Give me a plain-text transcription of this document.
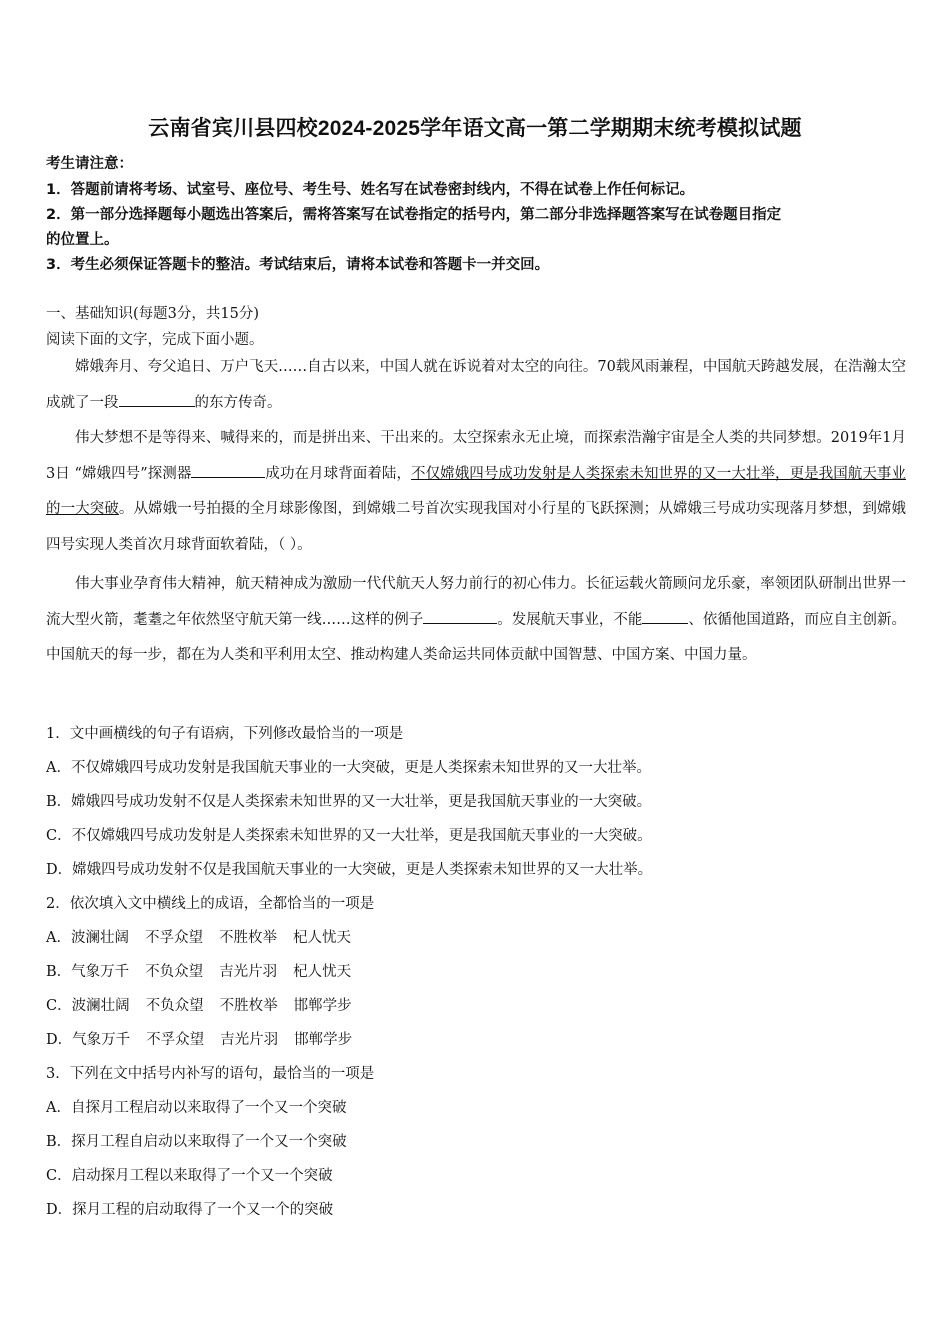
云南省宾川县四校2024-2025学年语文高一第二学期期末统考模拟试题
考生请注意：
1．答题前请将考场、试室号、座位号、考生号、姓名写在试卷密封线内，不得在试卷上作任何标记。
2．第一部分选择题每小题选出答案后，需将答案写在试卷指定的括号内，第二部分非选择题答案写在试卷题目指定
的位置上。
3．考生必须保证答题卡的整洁。考试结束后，请将本试卷和答题卡一并交回。
一、基础知识(每题3分，共15分)
阅读下面的文字，完成下面小题。
嫦娥奔月、夸父追日、万户飞天……自古以来，中国人就在诉说着对太空的向往。70载风雨兼程，中国航天跨越发展，在浩瀚太空成就了一段	的东方传奇。
伟大梦想不是等得来、喊得来的，而是拼出来、干出来的。太空探索永无止境，而探索浩瀚宇宙是全人类的共同梦想。2019年1月3日 “嫦娥四号”探测器	成功在月球背面着陆，不仅嫦娥四号成功发射是人类探索未知世界的又一大壮举，更是我国航天事业的一大突破。从嫦娥一号拍摄的全月球影像图，到嫦娥二号首次实现我国对小行星的飞跃探测；从嫦娥三号成功实现落月梦想，到嫦娥四号实现人类首次月球背面软着陆，（ ）。
伟大事业孕育伟大精神，航天精神成为激励一代代航天人努力前行的初心伟力。长征运载火箭顾问龙乐豪，率领团队研制出世界一流大型火箭，耄耋之年依然坚守航天第一线……这样的例子	。发展航天事业，不能	、依循他国道路，而应自主创新。中国航天的每一步，都在为人类和平利用太空、推动构建人类命运共同体贡献中国智慧、中国方案、中国力量。
1．文中画横线的句子有语病，下列修改最恰当的一项是
A．不仅嫦娥四号成功发射是我国航天事业的一大突破，更是人类探索未知世界的又一大壮举。
B．嫦娥四号成功发射不仅是人类探索未知世界的又一大壮举，更是我国航天事业的一大突破。
C．不仅嫦娥四号成功发射是人类探索未知世界的又一大壮举，更是我国航天事业的一大突破。
D．嫦娥四号成功发射不仅是我国航天事业的一大突破，更是人类探索未知世界的又一大壮举。
2．依次填入文中横线上的成语，全都恰当的一项是
A．波澜壮阔 不孚众望 不胜枚举 杞人忧天
B．气象万千 不负众望 吉光片羽 杞人忧天
C．波澜壮阔 不负众望 不胜枚举 邯郸学步
D．气象万千 不孚众望 吉光片羽 邯郸学步
3．下列在文中括号内补写的语句，最恰当的一项是
A．自探月工程启动以来取得了一个又一个突破
B．探月工程自启动以来取得了一个又一个突破
C．启动探月工程以来取得了一个又一个突破
D．探月工程的启动取得了一个又一个的突破
